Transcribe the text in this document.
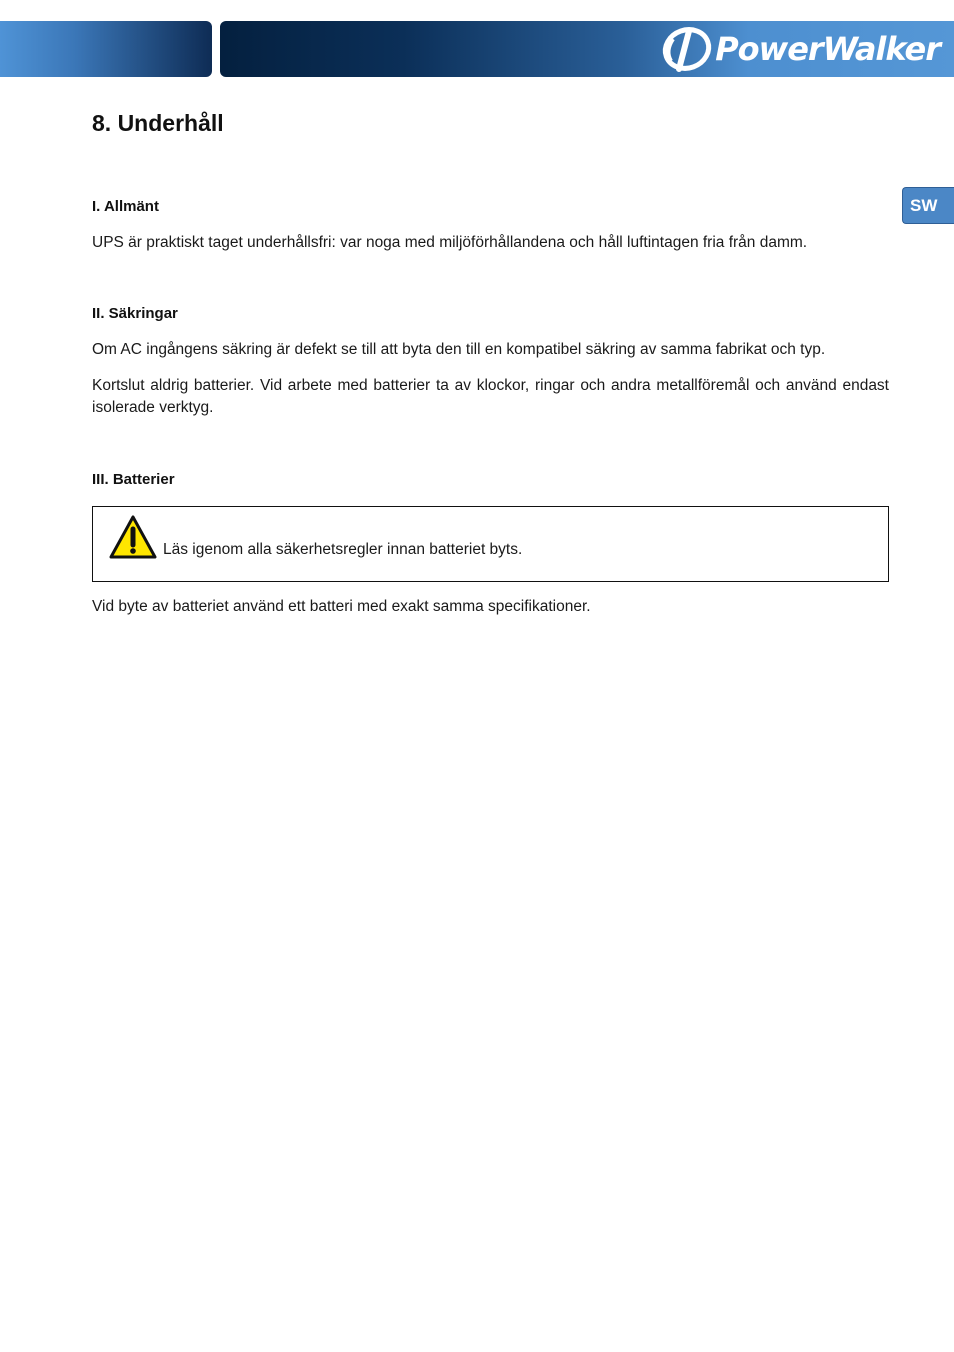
PowerWalker
SW
8. Underhåll
I. Allmänt

UPS är praktiskt taget underhållsfri: var noga med miljöförhållandena och håll luftintagen fria från damm.

II. Säkringar

Om AC ingångens säkring är defekt se till att byta den till en kompatibel säkring av samma fabrikat och typ.

Kortslut aldrig batterier. Vid arbete med batterier ta av klockor, ringar och andra metallföremål och använd endast isolerade verktyg.

III. Batterier

Vid byte av batteriet använd ett batteri med exakt samma specifikationer.

Läs igenom alla säkerhetsregler innan batteriet byts.
